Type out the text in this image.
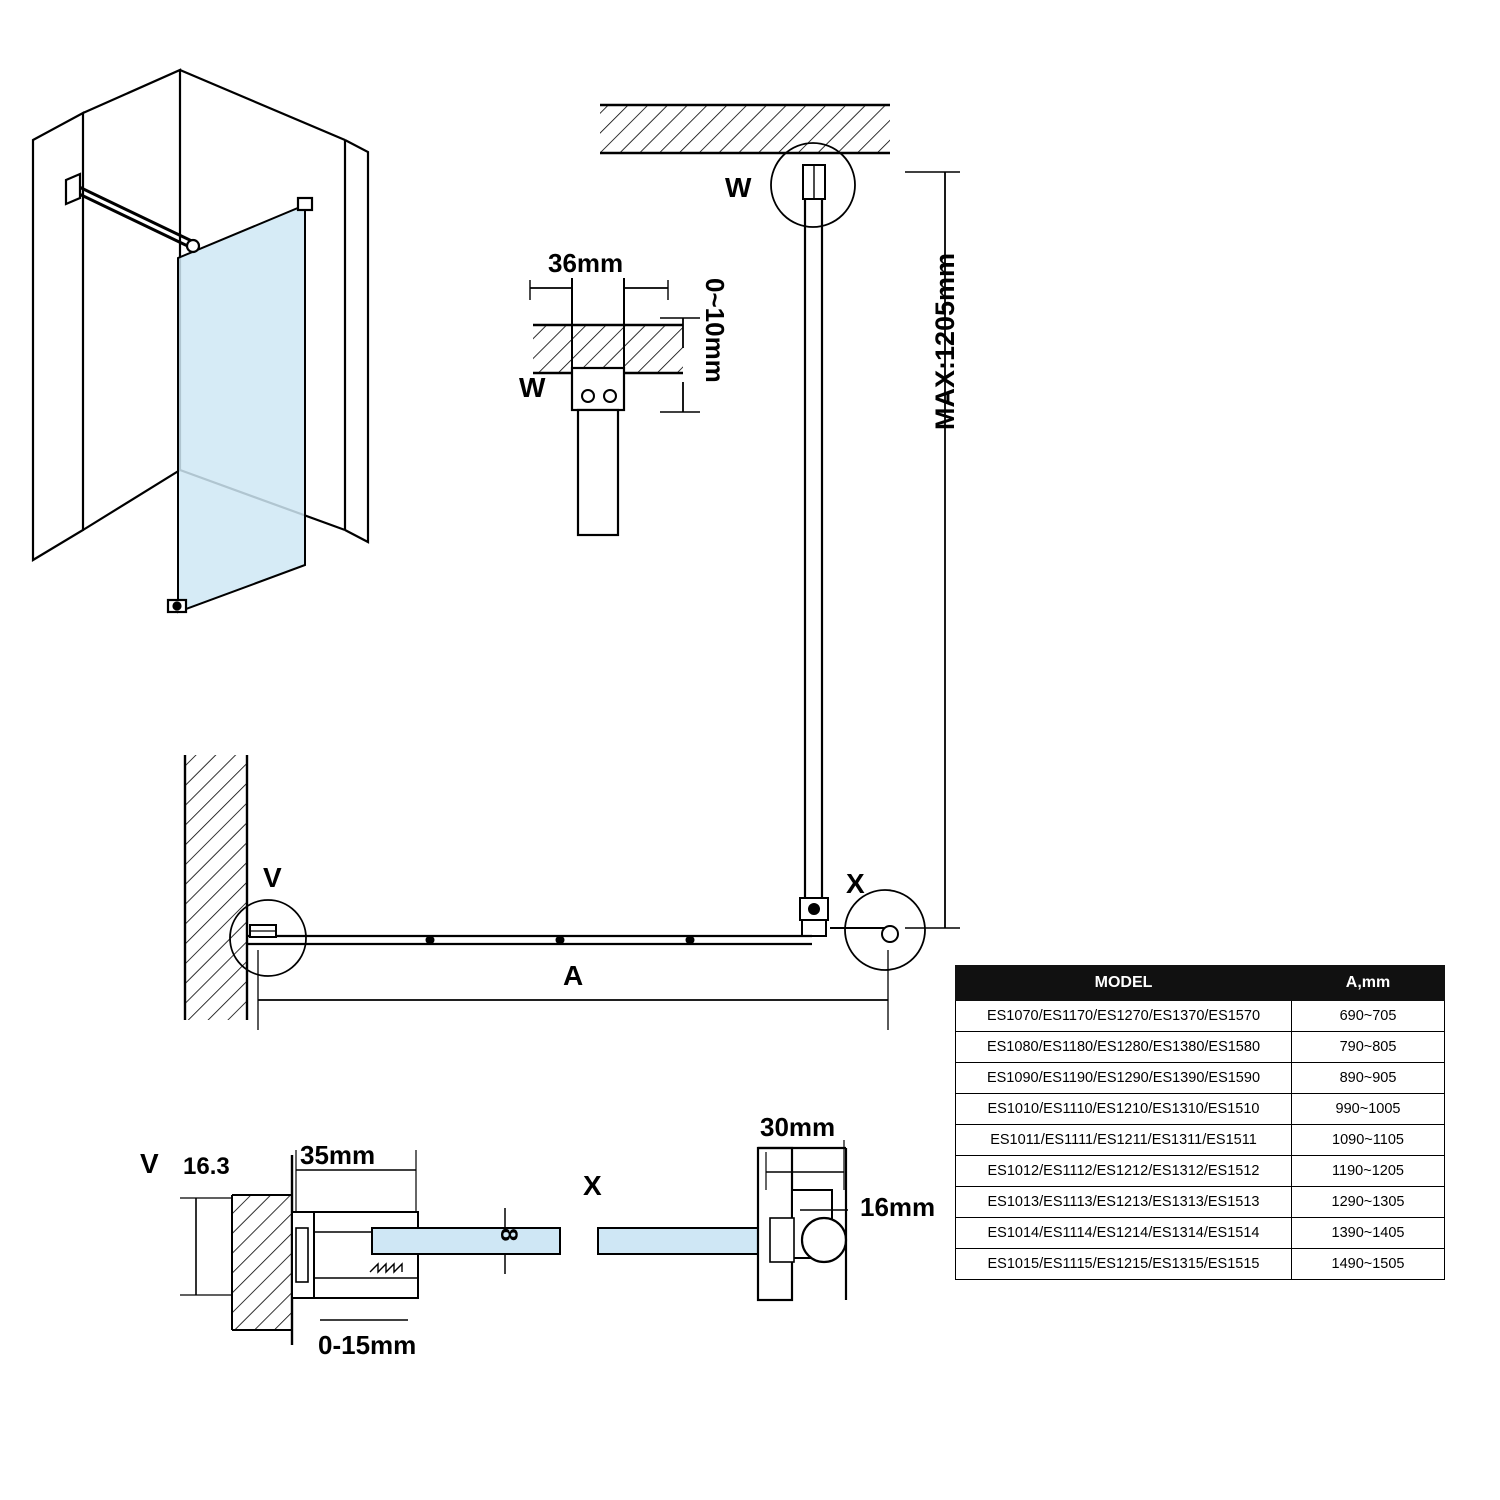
W
W
V	X
V
X
36mm
0~10mm	MAX:1205mm
A
16.3	35mm
0-15mm
8
30mm
16mm
MODEL	A,mm
ES1070/ES1170/ES1270/ES1370/ES1570	690~705
ES1080/ES1180/ES1280/ES1380/ES1580	790~805
ES1090/ES1190/ES1290/ES1390/ES1590	890~905
ES1010/ES1110/ES1210/ES1310/ES1510	990~1005
ES1011/ES1111/ES1211/ES1311/ES1511	1090~1105
ES1012/ES1112/ES1212/ES1312/ES1512	1190~1205
ES1013/ES1113/ES1213/ES1313/ES1513	1290~1305
ES1014/ES1114/ES1214/ES1314/ES1514	1390~1405
ES1015/ES1115/ES1215/ES1315/ES1515	1490~1505
